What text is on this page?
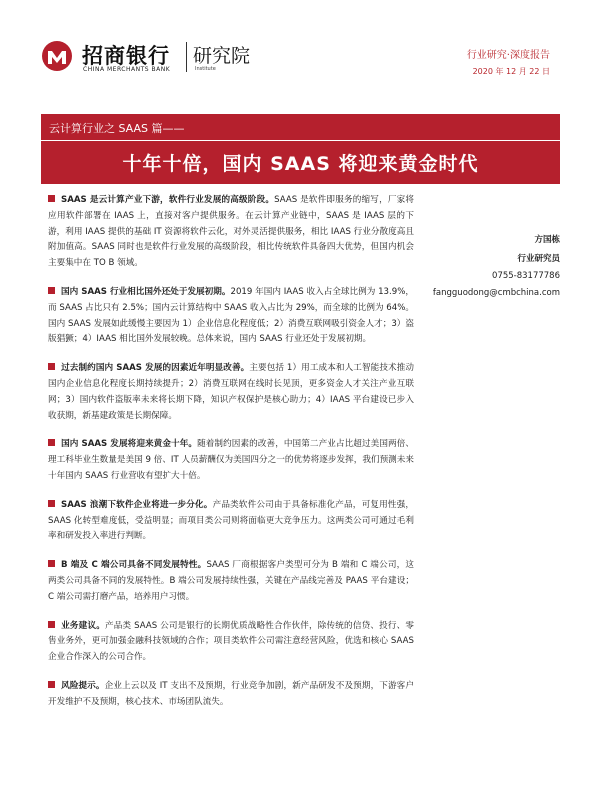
招商银行
CHINA MERCHANTS BANK
研究院
Institute
行业研究·深度报告
2020 年 12 月 22 日
云计算行业之 SAAS 篇——
十年十倍，国内 SAAS 将迎来黄金时代

SAAS 是云计算产业下游，软件行业发展的高级阶段。SAAS 是软件即服务的缩写，厂家将应用软件部署在 IAAS 上，直接对客户提供服务。在云计算产业链中，SAAS 是 IAAS 层的下游，利用 IAAS 提供的基础 IT 资源将软件云化，对外灵活提供服务，相比 IAAS 行业分散度高且附加值高。SAAS 同时也是软件行业发展的高级阶段，相比传统软件具备四大优势，但国内机会主要集中在 TO B 领域。

国内 SAAS 行业相比国外还处于发展初期。2019 年国内 IAAS 收入占全球比例为 13.9%，而 SAAS 占比只有 2.5%；国内云计算结构中 SAAS 收入占比为 29%，而全球的比例为 64%。国内 SAAS 发展如此缓慢主要因为 1）企业信息化程度低；2）消费互联网吸引资金人才；3）盗版猖獗；4）IAAS 相比国外发展较晚。总体来说，国内 SAAS 行业还处于发展初期。

过去制约国内 SAAS 发展的因素近年明显改善。主要包括 1）用工成本和人工智能技术推动国内企业信息化程度长期持续提升；2）消费互联网在线时长见顶，更多资金人才关注产业互联网；3）国内软件盗版率未来将长期下降，知识产权保护是核心助力；4）IAAS 平台建设已步入收获期，新基建政策是长期保障。

国内 SAAS 发展将迎来黄金十年。随着制约因素的改善，中国第二产业占比超过美国两倍、理工科毕业生数量是美国 9 倍、IT 人员薪酬仅为美国四分之一的优势将逐步发挥，我们预测未来十年国内 SAAS 行业营收有望扩大十倍。

SAAS 浪潮下软件企业将进一步分化。产品类软件公司由于具备标准化产品，可复用性强，SAAS 化转型难度低，受益明显；而项目类公司则将面临更大竞争压力。这两类公司可通过毛利率和研发投入率进行判断。

B 端及 C 端公司具备不同发展特性。SAAS 厂商根据客户类型可分为 B 端和 C 端公司，这两类公司具备不同的发展特性。B 端公司发展持续性强，关键在产品线完善及 PAAS 平台建设；C 端公司需打磨产品，培养用户习惯。

业务建议。产品类 SAAS 公司是银行的长期优质战略性合作伙伴，除传统的信贷、投行、零售业务外，更可加强金融科技领域的合作；项目类软件公司需注意经营风险，优选和核心 SAAS 企业合作深入的公司合作。

风险提示。企业上云以及 IT 支出不及预期，行业竞争加剧，新产品研发不及预期，下游客户开发维护不及预期，核心技术、市场团队流失。

方国栋
行业研究员
0755-83177786
fangguodong@cmbchina.com
